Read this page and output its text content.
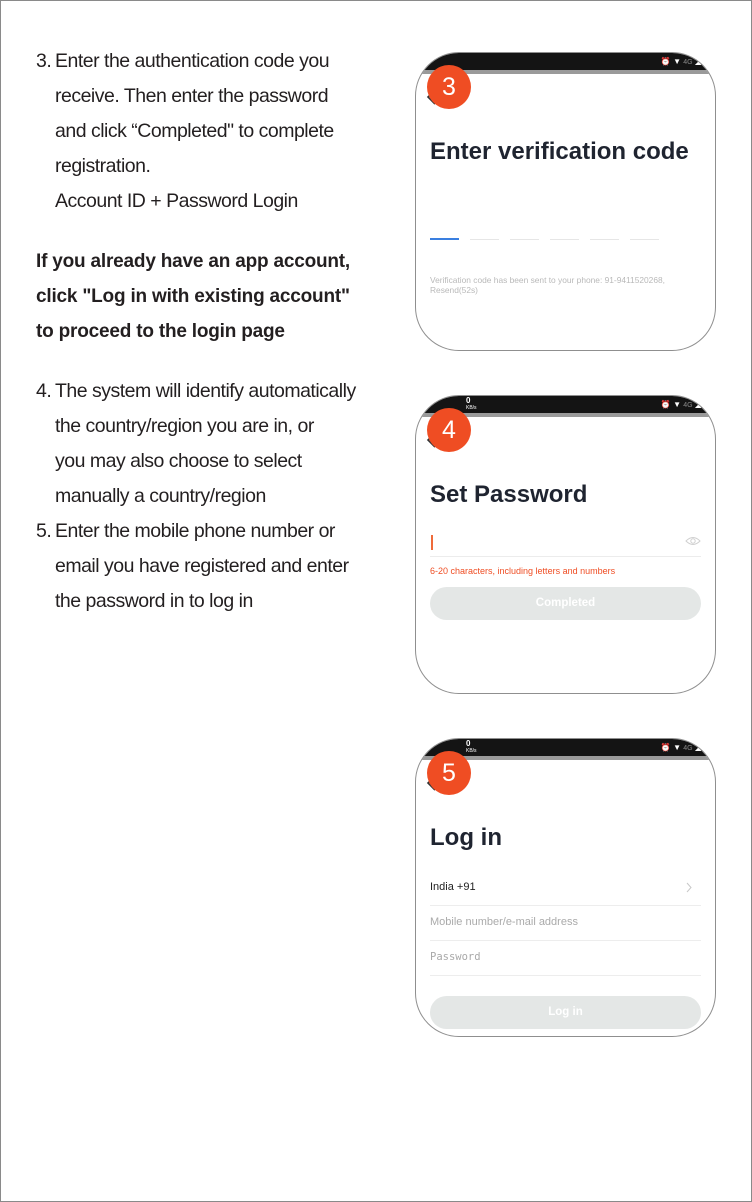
3. Enter the authentication code you
receive. Then enter the password
and click “Completed" to complete
registration.
Account ID + Password Login
If you already have an app account,
click "Log in with existing account"
to proceed to the login page
4. The system will identify automatically
the country/region you are in, or
you may also choose to select
manually a country/region
5. Enter the mobile phone number or
email you have registered and enter
the password in to log in
⏰ ▼ 4G ◢
3
Enter verification code
Verification code has been sent to your phone: 91-9411520268, Resend(52s)
0
KB/s	⏰ ▼ 4G ◢
4
Set Password
6-20 characters, including letters and numbers
Completed
0
KB/s	⏰ ▼ 4G ◢
5
Log in
India +91
Mobile number/e-mail address
Password
Log in
